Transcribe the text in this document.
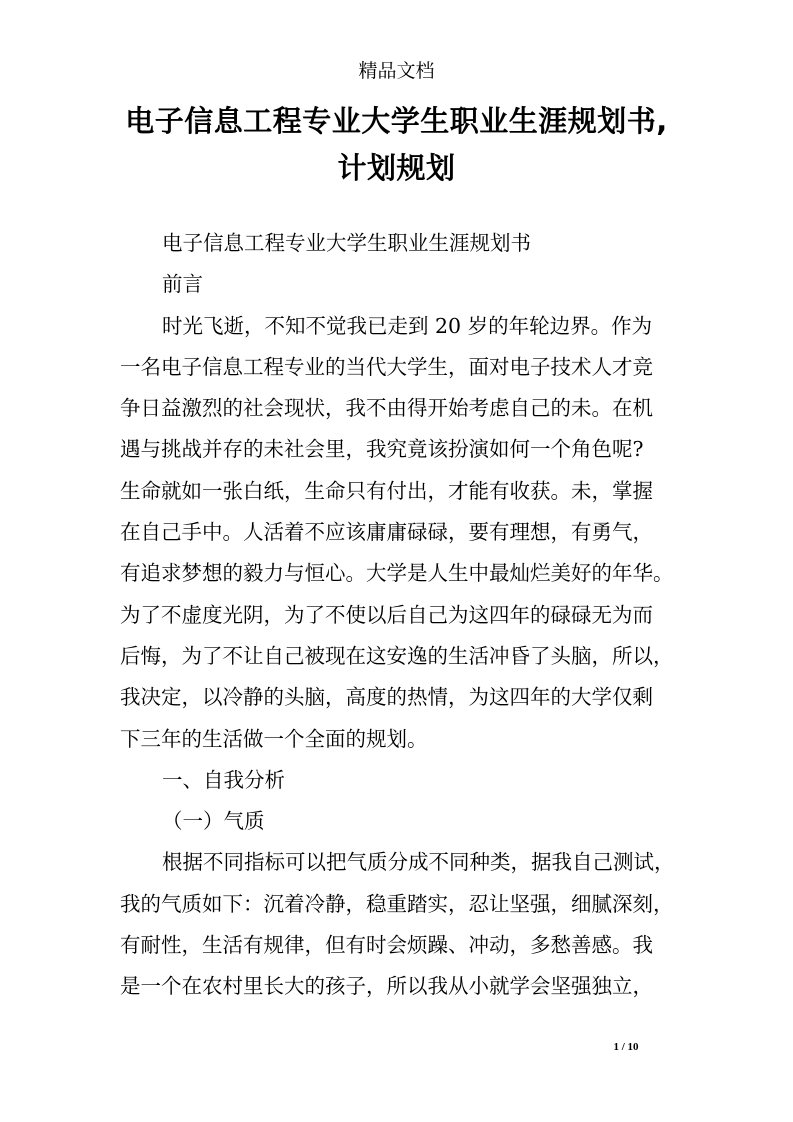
精品文档
电子信息工程专业大学生职业生涯规划书,
计划规划

电子信息工程专业大学生职业生涯规划书

前言

时光飞逝，不知不觉我已走到 20 岁的年轮边界。作为

一名电子信息工程专业的当代大学生，面对电子技术人才竞

争日益激烈的社会现状，我不由得开始考虑自己的未。在机

遇与挑战并存的未社会里，我究竟该扮演如何一个角色呢?

生命就如一张白纸，生命只有付出，才能有收获。未，掌握

在自己手中。人活着不应该庸庸碌碌，要有理想，有勇气，

有追求梦想的毅力与恒心。大学是人生中最灿烂美好的年华。

为了不虚度光阴，为了不使以后自己为这四年的碌碌无为而

后悔，为了不让自己被现在这安逸的生活冲昏了头脑，所以，

我决定，以冷静的头脑，高度的热情，为这四年的大学仅剩

下三年的生活做一个全面的规划。

一、自我分析

（一）气质

根据不同指标可以把气质分成不同种类，据我自己测试，

我的气质如下：沉着冷静，稳重踏实，忍让坚强，细腻深刻，

有耐性，生活有规律，但有时会烦躁、冲动，多愁善感。我

是一个在农村里长大的孩子，所以我从小就学会坚强独立，

1 / 10
